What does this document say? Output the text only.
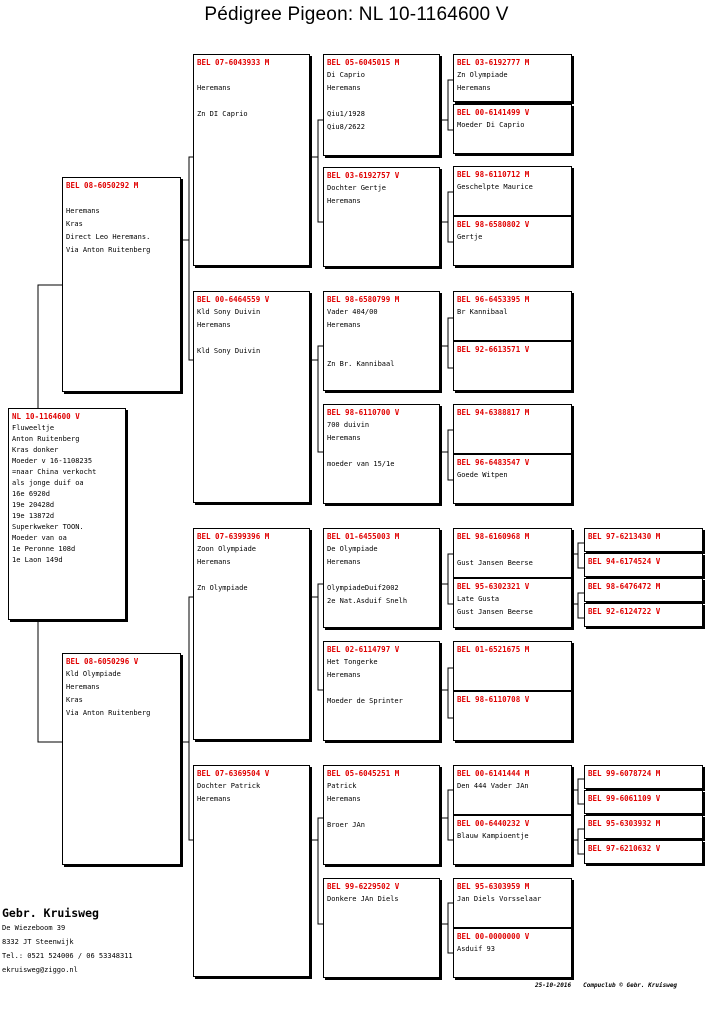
Pédigree Pigeon: NL 10-1164600 V
NL 10-1164600 V
Fluweeltje
Anton Ruitenberg
Kras donker
Moeder v 16-1108235
=naar China verkocht
als jonge duif oa
16e 6920d
19e 20428d
19e 13872d
Superkweker TOON.
Moeder van oa
1e Peronne 108d
1e Laon 149d
BEL 08-6050292 M
Heremans
Kras
Direct Leo Heremans.
Via Anton Ruitenberg
BEL 08-6050296 V
Kld Olympiade
Heremans
Kras
Via Anton Ruitenberg
BEL 07-6043933 M
Heremans
Zn DI Caprio
BEL 00-6464559 V
Kld Sony Duivin
Heremans
Kld Sony Duivin
BEL 07-6399396 M
Zoon Olympiade
Heremans
Zn Olympiade
BEL 07-6369504 V
Dochter Patrick
Heremans
BEL 05-6045015 M
Di Caprio
Heremans
Qiu1/1928
Qiu8/2622
BEL 03-6192757 V
Dochter Gertje
Heremans
BEL 98-6580799 M
Vader 404/00
Heremans
Zn Br. Kannibaal
BEL 98-6110700 V
700 duivin
Heremans
moeder van 15/1e
BEL 01-6455003 M
De Olympiade
Heremans
OlympiadeDuif2002
2e Nat.Asduif Snelh
BEL 02-6114797 V
Het Tongerke
Heremans
Moeder de Sprinter
BEL 05-6045251 M
Patrick
Heremans
Broer JAn
BEL 99-6229502 V
Donkere JAn Diels
BEL 03-6192777 M
Zn Olympiade
Heremans
BEL 00-6141499 V
Moeder Di Caprio
BEL 98-6110712 M
Geschelpte Maurice
BEL 98-6580802 V
Gertje
BEL 96-6453395 M
Br Kannibaal
BEL 92-6613571 V
BEL 94-6388817 M
BEL 96-6483547 V
Goede Witpen
BEL 98-6160968 M
Gust Jansen Beerse
BEL 95-6302321 V
Late Gusta
Gust Jansen Beerse
BEL 01-6521675 M
BEL 98-6110708 V
BEL 00-6141444 M
Den 444 Vader JAn
BEL 00-6440232 V
Blauw Kampioentje
BEL 95-6303959 M
Jan Diels Vorsselaar
BEL 00-0000000 V
Asduif 93
BEL 97-6213430 M
BEL 94-6174524 V
BEL 98-6476472 M
BEL 92-6124722 V
BEL 99-6078724 M
BEL 99-6061109 V
BEL 95-6303932 M
BEL 97-6210632 V
Gebr. Kruisweg
De Wiezeboom 39
8332 JT Steenwijk
Tel.: 0521 524006 / 06 53348311
ekruisweg@ziggo.nl
25-10-2016 Compuclub © Gebr. Kruisweg
